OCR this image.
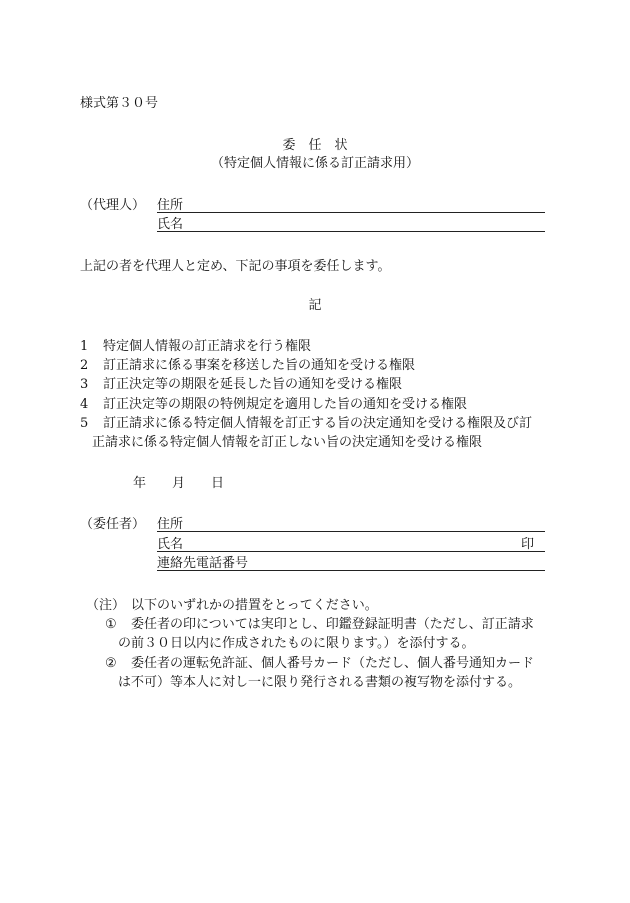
様式第３０号
委　任　状
（特定個人情報に係る訂正請求用）
（代理人） 住所
氏名
上記の者を代理人と定め、下記の事項を委任します。
記
1 特定個人情報の訂正請求を行う権限
2 訂正請求に係る事案を移送した旨の通知を受ける権限
3 訂正決定等の期限を延長した旨の通知を受ける権限
4 訂正決定等の期限の特例規定を適用した旨の通知を受ける権限
5 訂正請求に係る特定個人情報を訂正する旨の決定通知を受ける権限及び訂
正請求に係る特定個人情報を訂正しない旨の決定通知を受ける権限
年 月 日
（委任者） 住所
氏名	印
連絡先電話番号
（注） 以下のいずれかの措置をとってください。
① 委任者の印については実印とし、印鑑登録証明書（ただし、訂正請求
の前３０日以内に作成されたものに限ります。）を添付する。
② 委任者の運転免許証、個人番号カード（ただし、個人番号通知カード
は不可）等本人に対し一に限り発行される書類の複写物を添付する。
